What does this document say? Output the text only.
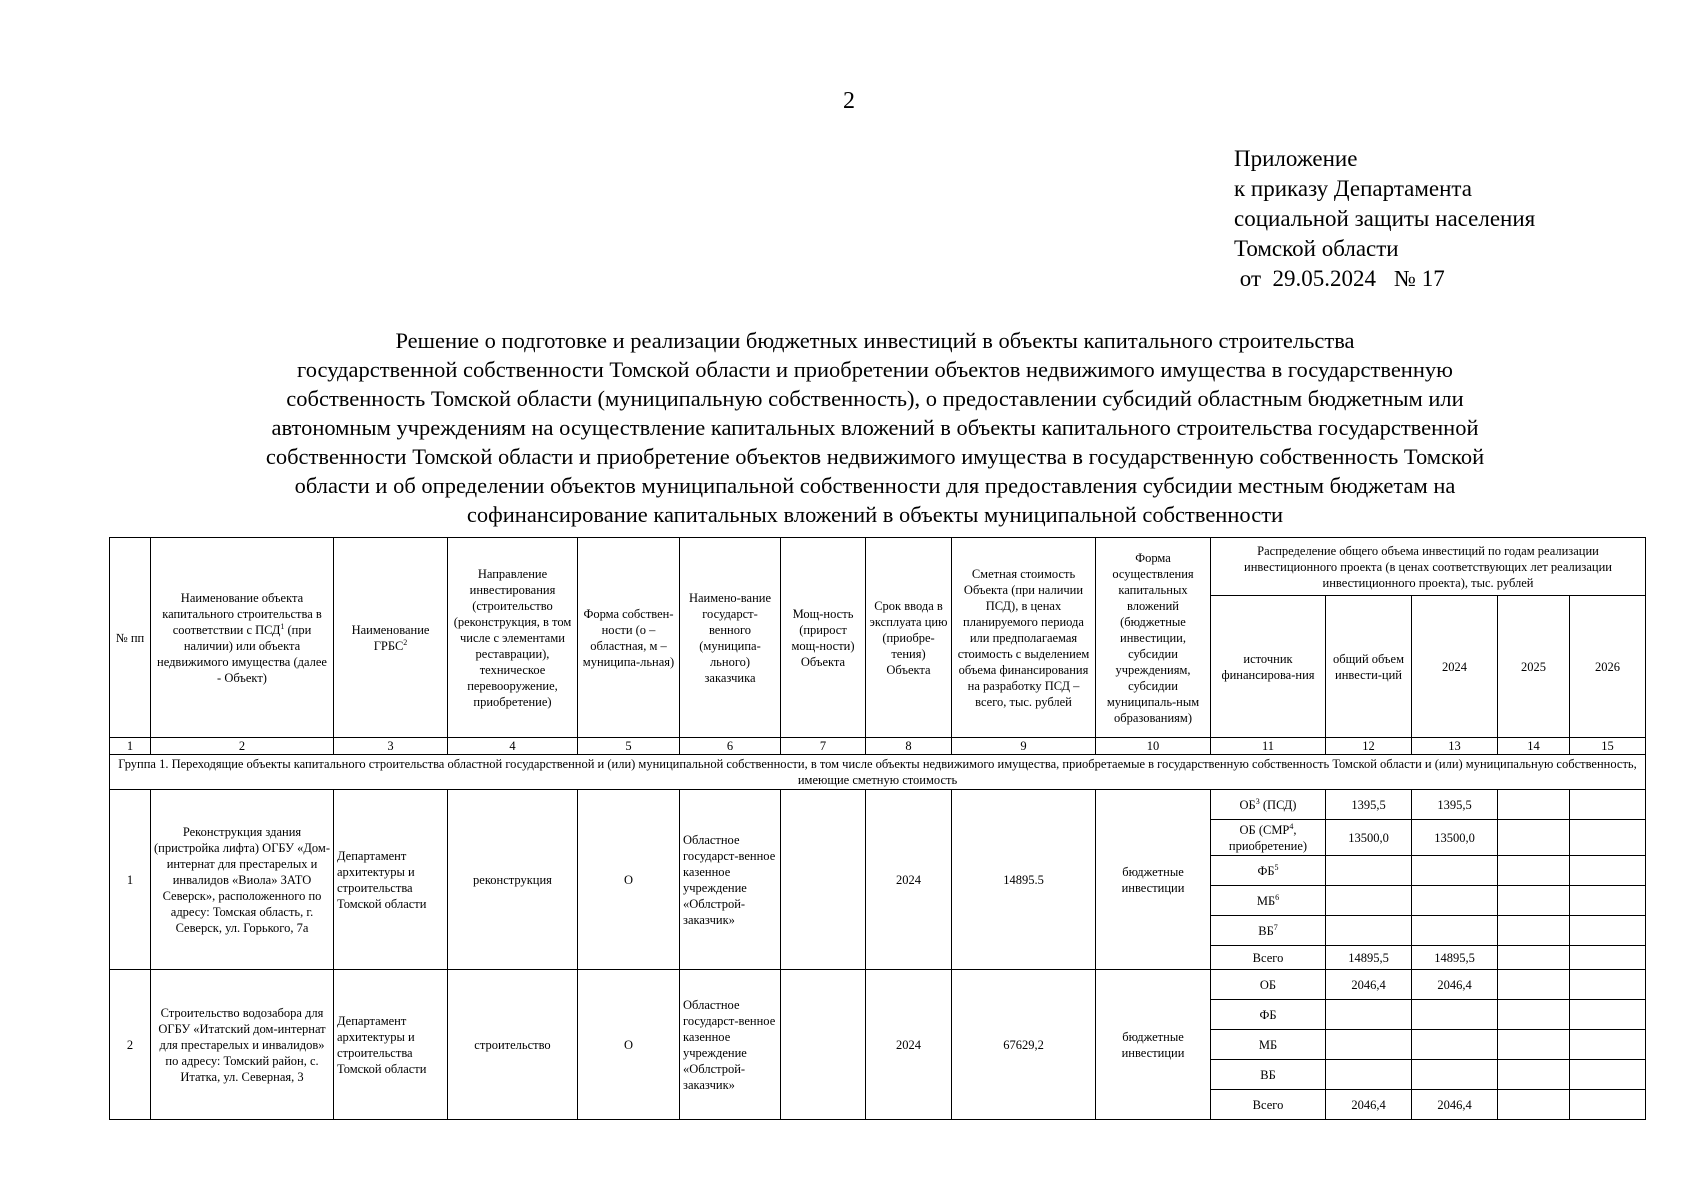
2
Приложение
к приказу Департамента
социальной защиты населения
Томской области
от 29.05.2024 № 17
Решение о подготовке и реализации бюджетных инвестиций в объекты капитального строительства
государственной собственности Томской области и приобретении объектов недвижимого имущества в государственную
собственность Томской области (муниципальную собственность), о предоставлении субсидий областным бюджетным или
автономным учреждениям на осуществление капитальных вложений в объекты капитального строительства государственной
собственности Томской области и приобретение объектов недвижимого имущества в государственную собственность Томской
области и об определении объектов муниципальной собственности для предоставления субсидии местным бюджетам на
софинансирование капитальных вложений в объекты муниципальной собственности
№ пп	Наименование объекта капитального строительства в соответствии с ПСД$^1$ (при наличии) или объекта недвижимого имущества (далее - Объект)	Наименование ГРБС$^2$	Направление инвестирования (строительство (реконструкция, в том числе с элементами реставрации), техническое перевооружение, приобретение)	Форма собствен-ности (о – областная, м – муниципа-льная)	Наимено-вание государст-венного (муниципа-льного) заказчика	Мощ-ность (прирост мощ-ности) Объекта	Срок ввода в эксплуата цию (приобре-тения) Объекта	Сметная стоимость Объекта (при наличии ПСД), в ценах планируемого периода или предполагаемая стоимость с выделением объема финансирования на разработку ПСД – всего, тыс. рублей	Форма осуществления капитальных вложений (бюджетные инвестиции, субсидии учреждениям, субсидии муниципаль-ным образованиям)	Распределение общего объема инвестиций по годам реализации инвестиционного проекта (в ценах соответствующих лет реализации инвестиционного проекта), тыс. рублей				
										источник финансирова-ния	общий объем инвести-ций	2024	2025	2026
1	2	3	4	5	6	7	8	9	10	11	12	13	14	15
Группа 1. Переходящие объекты капитального строительства областной государственной и (или) муниципальной собственности, в том числе объекты недвижимого имущества, приобретаемые в государственную собственность Томской области и (или) муниципальную собственность, имеющие сметную стоимость														
1	Реконструкция здания (пристройка лифта) ОГБУ «Дом-интернат для престарелых и инвалидов «Виола» ЗАТО Северск», расположенного по адресу: Томская область, г. Северск, ул. Горького, 7а	Департамент архитектуры и строительства Томской области	реконструкция	О	Областное государст-венное казенное учреждение «Облстрой-заказчик»		2024	14895.5	бюджетные инвестиции	ОБ$^3$ (ПСД)	1395,5	1395,5		
										ОБ (СМР$^4$, приобретение)	13500,0	13500,0		
										ФБ$^5$				
										МБ$^6$				
										ВБ$^7$				
										Всего	14895,5	14895,5		
2	Строительство водозабора для ОГБУ «Итатский дом-интернат для престарелых и инвалидов» по адресу: Томский район, с. Итатка, ул. Северная, 3	Департамент архитектуры и строительства Томской области	строительство	О	Областное государст-венное казенное учреждение «Облстрой-заказчик»		2024	67629,2	бюджетные инвестиции	ОБ	2046,4	2046,4		
										ФБ				
										МБ				
										ВБ				
										Всего	2046,4	2046,4		
